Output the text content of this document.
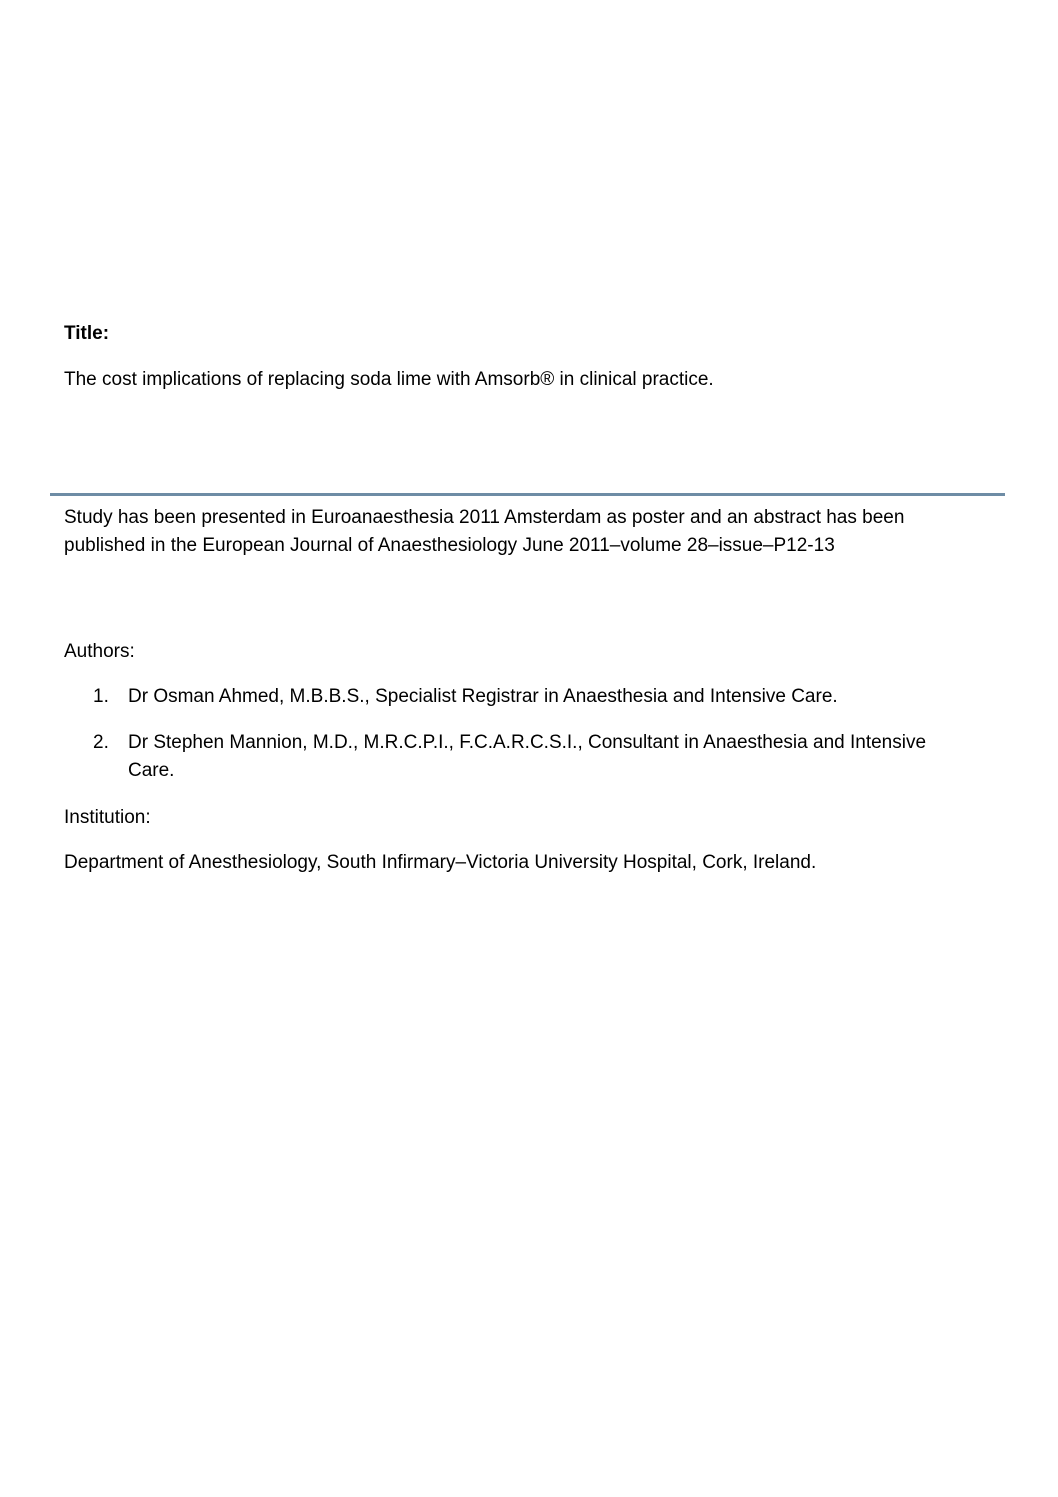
Title:
The cost implications of replacing soda lime with Amsorb® in clinical practice.
Study has been presented in Euroanaesthesia 2011 Amsterdam as poster and an abstract has been published in the European Journal of Anaesthesiology June 2011–volume 28–issue–P12-13
Authors:
1.	Dr Osman Ahmed, M.B.B.S., Specialist Registrar in Anaesthesia and Intensive Care.
2.	Dr Stephen Mannion, M.D., M.R.C.P.I., F.C.A.R.C.S.I., Consultant in Anaesthesia and Intensive Care.
Institution:
Department of Anesthesiology, South Infirmary–Victoria University Hospital, Cork, Ireland.
